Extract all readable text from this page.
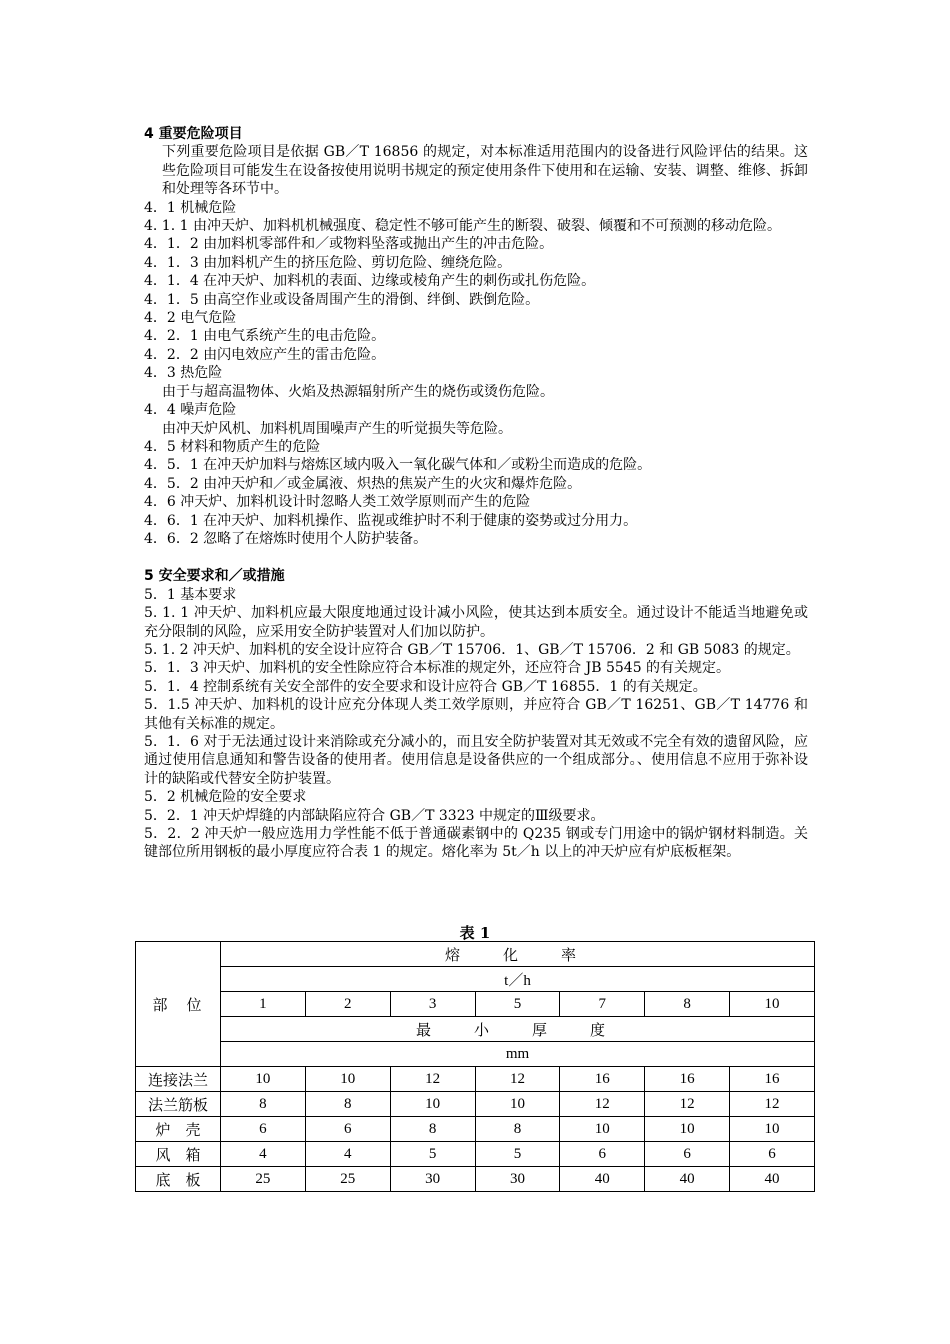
4 重要危险项目
下列重要危险项目是依据 GB／T 16856 的规定，对本标准适用范围内的设备进行风险评估的结果。这些危险项目可能发生在设备按使用说明书规定的预定使用条件下使用和在运输、安装、调整、维修、拆卸和处理等各环节中。
4．1 机械危险
4. 1. 1 由冲天炉、加料机机械强度、稳定性不够可能产生的断裂、破裂、倾覆和不可预测的移动危险。
4．1．2 由加料机零部件和／或物料坠落或抛出产生的冲击危险。
4．1．3 由加料机产生的挤压危险、剪切危险、缠绕危险。
4．1．4 在冲天炉、加料机的表面、边缘或棱角产生的刺伤或扎伤危险。
4．1．5 由高空作业或设备周围产生的滑倒、绊倒、跌倒危险。
4．2 电气危险
4．2．1 由电气系统产生的电击危险。
4．2．2 由闪电效应产生的雷击危险。
4．3 热危险
由于与超高温物体、火焰及热源辐射所产生的烧伤或烫伤危险。
4．4 噪声危险
由冲天炉风机、加料机周围噪声产生的听觉损失等危险。
4．5 材料和物质产生的危险
4．5．1 在冲天炉加料与熔炼区域内吸入一氧化碳气体和／或粉尘而造成的危险。
4．5．2 由冲天炉和／或金属液、炽热的焦炭产生的火灾和爆炸危险。
4．6 冲天炉、加料机设计时忽略人类工效学原则而产生的危险
4．6．1 在冲天炉、加料机操作、监视或维护时不利于健康的姿势或过分用力。
4．6．2 忽略了在熔炼时使用个人防护装备。
5 安全要求和／或措施
5．1 基本要求
5. 1. 1 冲天炉、加料机应最大限度地通过设计减小风险，使其达到本质安全。通过设计不能适当地避免或充分限制的风险，应采用安全防护装置对人们加以防护。
5. 1. 2 冲天炉、加料机的安全设计应符合 GB／T 15706．1、GB／T 15706．2 和 GB 5083 的规定。
5．1．3 冲天炉、加料机的安全性除应符合本标准的规定外，还应符合 JB 5545 的有关规定。
5．1．4 控制系统有关安全部件的安全要求和设计应符合 GB／T 16855．1 的有关规定。
5．1.5 冲天炉、加料机的设计应充分体现人类工效学原则，并应符合 GB／T 16251、GB／T 14776 和其他有关标准的规定。
5．1．6 对于无法通过设计来消除或充分减小的，而且安全防护装置对其无效或不完全有效的遗留风险，应通过使用信息通知和警告设备的使用者。使用信息是设备供应的一个组成部分。、使用信息不应用于弥补设计的缺陷或代替安全防护装置。
5．2 机械危险的安全要求
5．2．1 冲天炉焊缝的内部缺陷应符合 GB／T 3323 中规定的Ⅲ级要求。
5．2．2 冲天炉一般应选用力学性能不低于普通碳素钢中的 Q235 钢或专门用途中的锅炉钢材料制造。关键部位所用钢板的最小厚度应符合表 1 的规定。熔化率为 5t／h 以上的冲天炉应有炉底板框架。
表 1
部　位	熔　化　率						
	t／h						
	1	2	3	5	7	8	10
	最　小　厚　度						
	mm						
连接法兰	10	10	12	12	16	16	16
法兰筋板	8	8	10	10	12	12	12
炉　壳	6	6	8	8	10	10	10
风　箱	4	4	5	5	6	6	6
底　板	25	25	30	30	40	40	40
